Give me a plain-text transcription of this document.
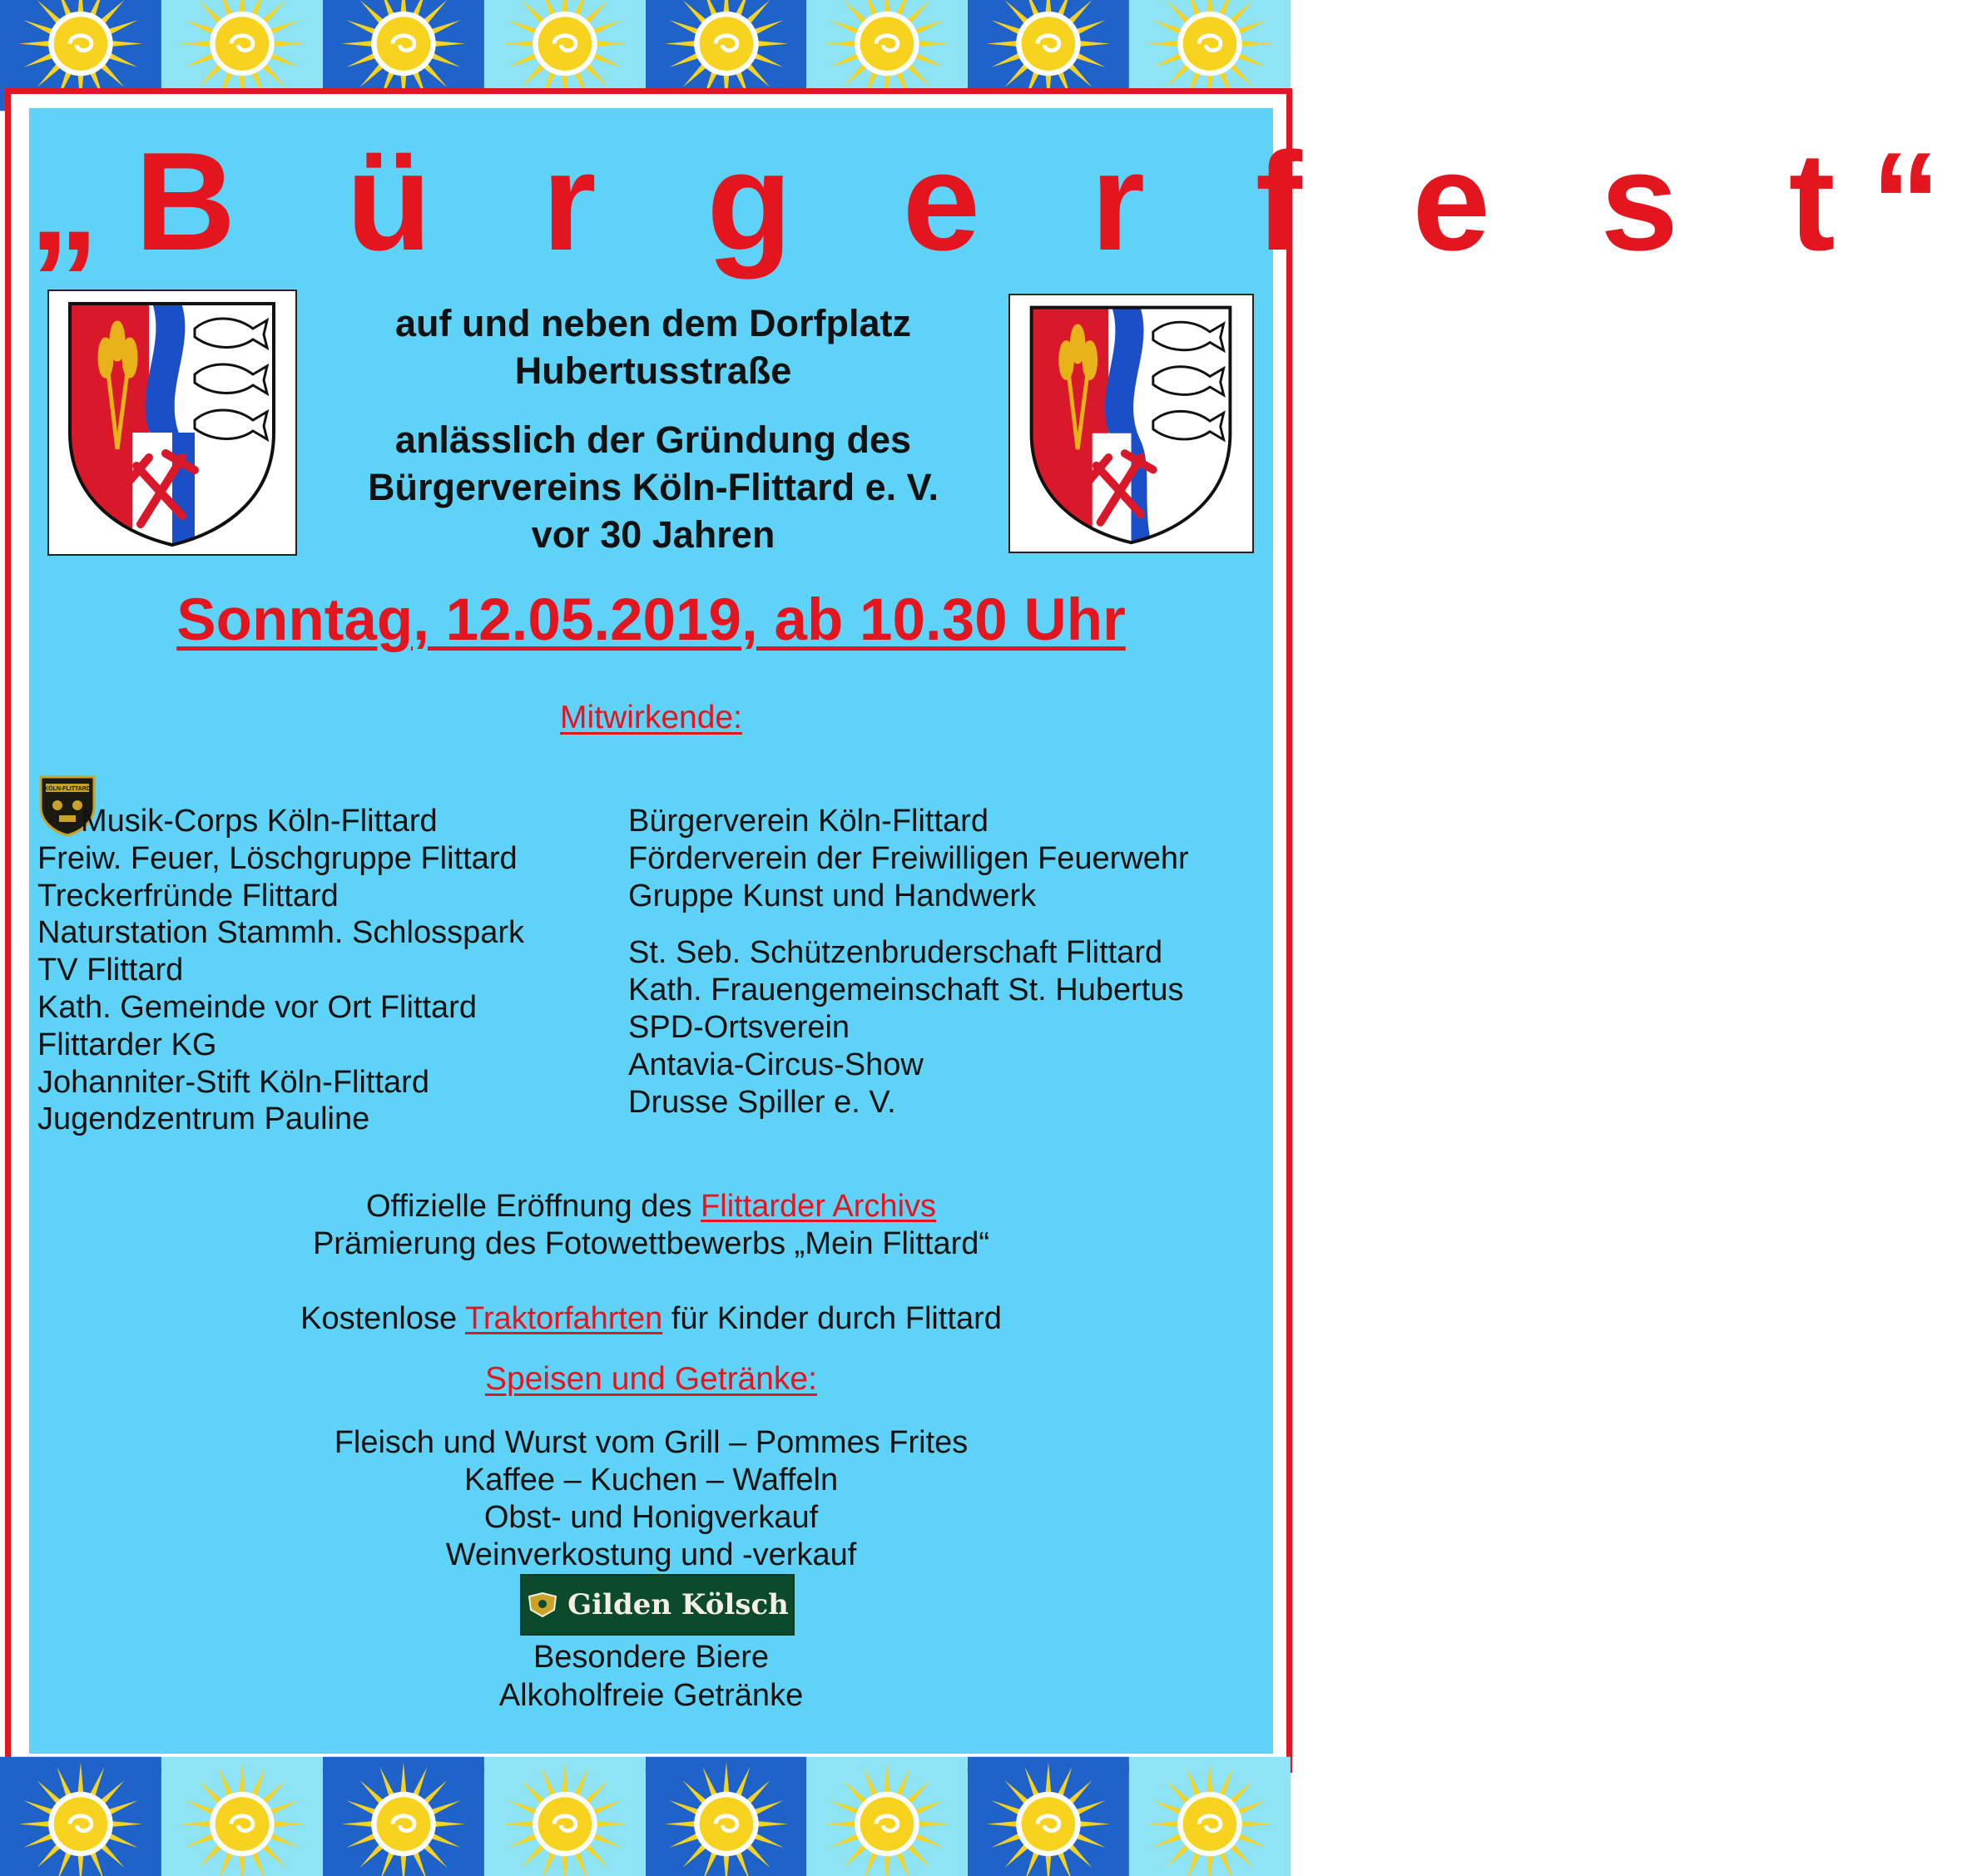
„B ü r g e r f e s t“
auf und neben dem Dorfplatz
Hubertusstraße
anlässlich der Gründung des
Bürgervereins Köln-Flittard e. V.
vor 30 Jahren
Sonntag, 12.05.2019, ab 10.30 Uhr
Mitwirkende:
KÖLN-FLITTARD
Musik-Corps Köln-Flittard
Freiw. Feuer, Löschgruppe Flittard
Treckerfründe Flittard
Naturstation Stammh. Schlosspark
TV Flittard
Kath. Gemeinde vor Ort Flittard
Flittarder KG
Johanniter-Stift Köln-Flittard
Jugendzentrum Pauline
Bürgerverein Köln-Flittard
Förderverein der Freiwilligen Feuerwehr
Gruppe Kunst und Handwerk
St. Seb. Schützenbruderschaft Flittard
Kath. Frauengemeinschaft St. Hubertus
SPD-Ortsverein
Antavia-Circus-Show
Drusse Spiller e. V.
Offizielle Eröffnung des Flittarder Archivs
Prämierung des Fotowettbewerbs „Mein Flittard“
Kostenlose Traktorfahrten für Kinder durch Flittard
Speisen und Getränke:
Fleisch und Wurst vom Grill – Pommes Frites
Kaffee – Kuchen – Waffeln
Obst- und Honigverkauf
Weinverkostung und -verkauf
Gilden Kölsch
Besondere Biere
Alkoholfreie Getränke
